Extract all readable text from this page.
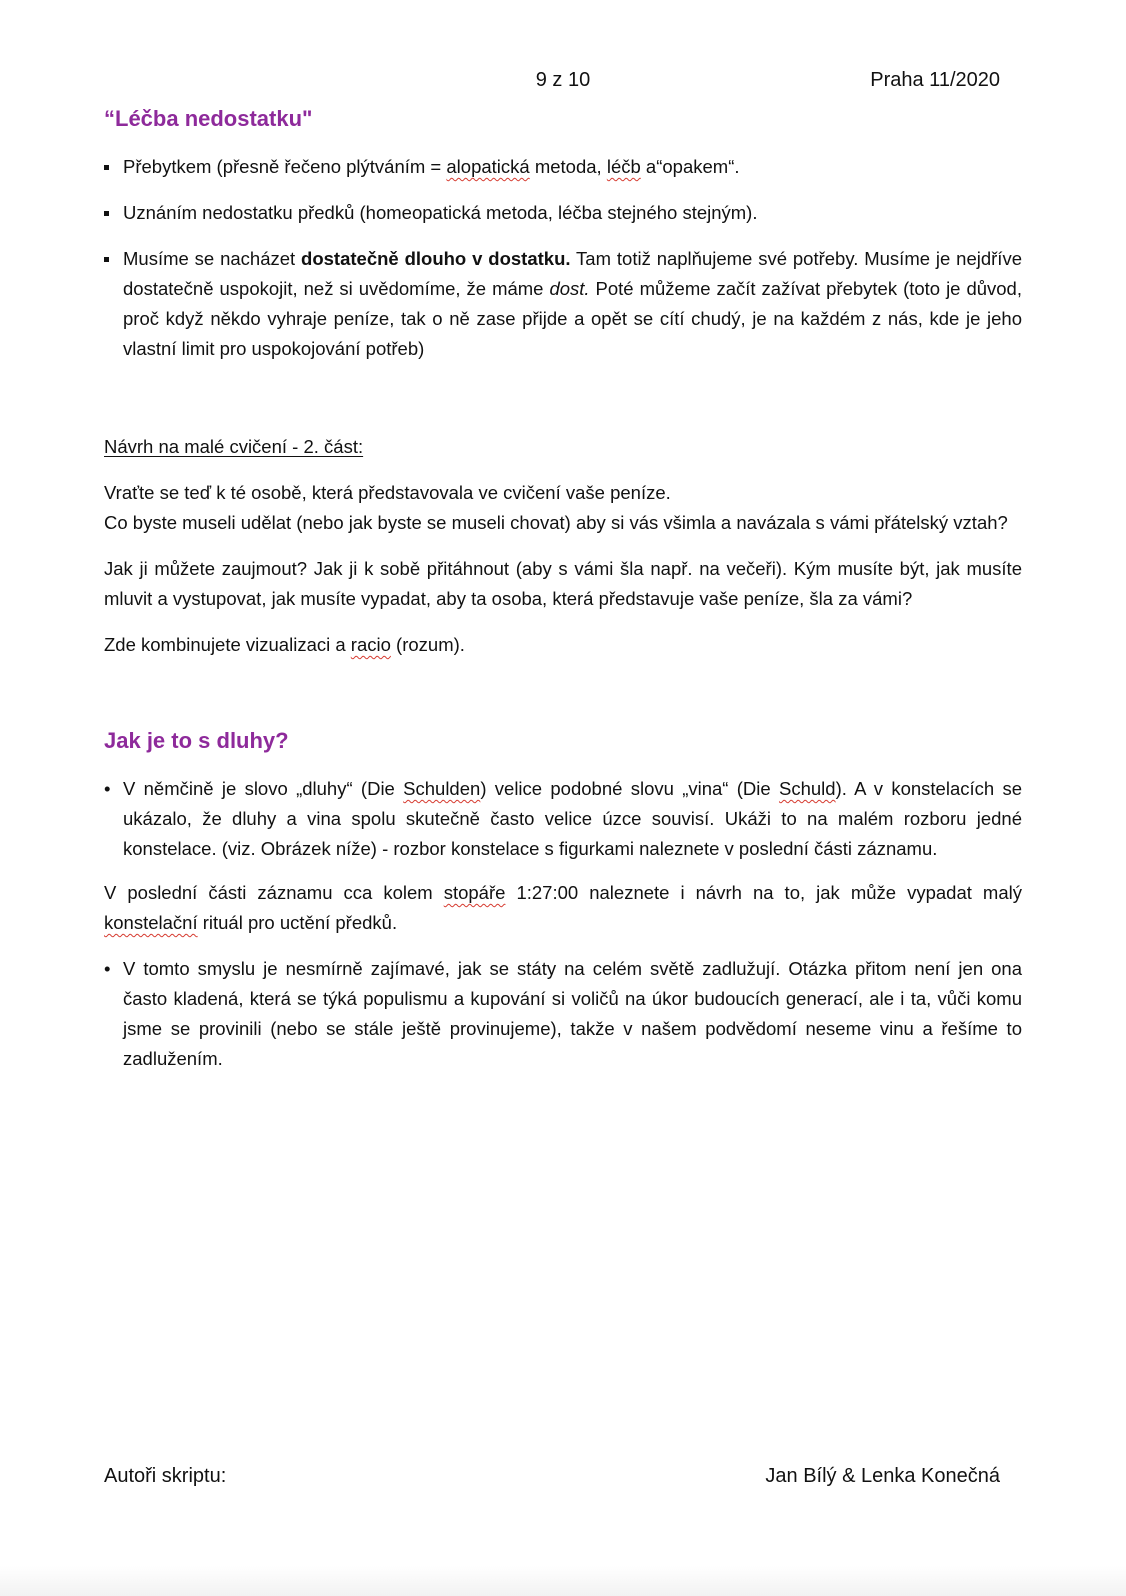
9 z 10	Praha 11/2020
“Léčba nedostatku"
Přebytkem (přesně řečeno plýtváním = alopatická metoda, léčb a“opakem“.
Uznáním nedostatku předků (homeopatická metoda, léčba stejného stejným).
Musíme se nacházet dostatečně dlouho v dostatku. Tam totiž naplňujeme své potřeby. Musíme je nejdříve dostatečně uspokojit, než si uvědomíme, že máme dost. Poté můžeme začít zažívat přebytek (toto je důvod, proč když někdo vyhraje peníze, tak o ně zase přijde a opět se cítí chudý, je na každém z nás, kde je jeho vlastní limit pro uspokojování potřeb)

Návrh na malé cvičení - 2. část:

Vraťte se teď k té osobě, která představovala ve cvičení vaše peníze.
Co byste museli udělat (nebo jak byste se museli chovat) aby si vás všimla a navázala s vámi přátelský vztah?

Jak ji můžete zaujmout? Jak ji k sobě přitáhnout (aby s vámi šla např. na večeři). Kým musíte být, jak musíte mluvit a vystupovat, jak musíte vypadat, aby ta osoba, která představuje vaše peníze, šla za vámi?

Zde kombinujete vizualizaci a racio (rozum).

Jak je to s dluhy?
• V němčině je slovo „dluhy“ (Die Schulden) velice podobné slovu „vina“ (Die Schuld). A v konstelacích se ukázalo, že dluhy a vina spolu skutečně často velice úzce souvisí. Ukáži to na malém rozboru jedné konstelace. (viz. Obrázek níže) - rozbor konstelace s figurkami naleznete v poslední části záznamu.

V poslední části záznamu cca kolem stopáře 1:27:00 naleznete i návrh na to, jak může vypadat malý konstelační rituál pro uctění předků.

• V tomto smyslu je nesmírně zajímavé, jak se státy na celém světě zadlužují. Otázka přitom není jen ona často kladená, která se týká populismu a kupování si voličů na úkor budoucích generací, ale i ta, vůči komu jsme se provinili (nebo se stále ještě provinujeme), takže v našem podvědomí neseme vinu a řešíme to zadlužením.
Autoři skriptu:	Jan Bílý & Lenka Konečná
